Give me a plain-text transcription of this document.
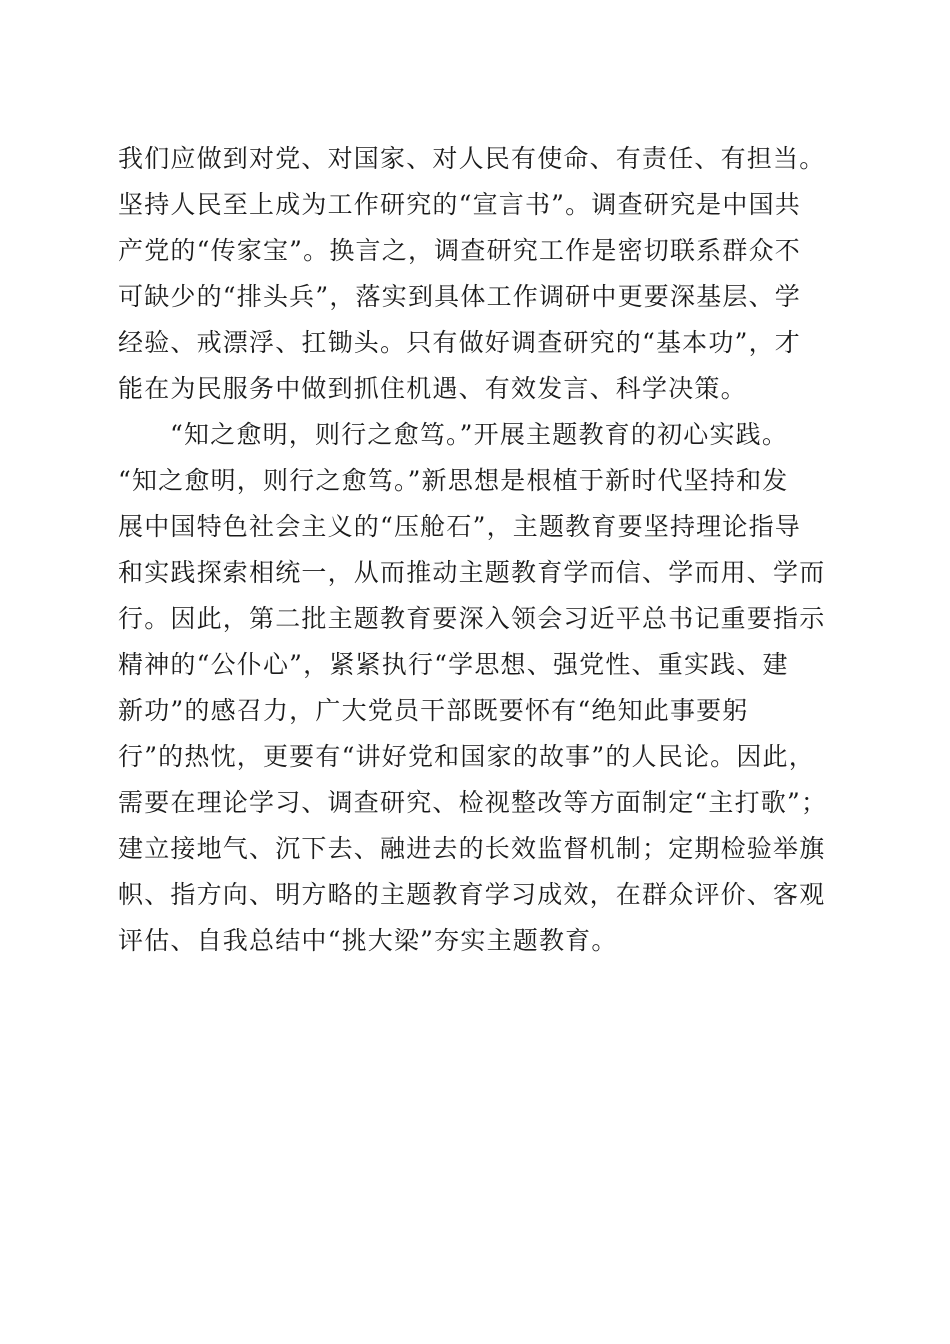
我们应做到对党、对国家、对人民有使命、有责任、有担当。
坚持人民至上成为工作研究的“宣言书”。调查研究是中国共
产党的“传家宝”。换言之，调查研究工作是密切联系群众不
可缺少的“排头兵”，落实到具体工作调研中更要深基层、学
经验、戒漂浮、扛锄头。只有做好调查研究的“基本功”，才
能在为民服务中做到抓住机遇、有效发言、科学决策。
“知之愈明，则行之愈笃。”开展主题教育的初心实践。
“知之愈明，则行之愈笃。”新思想是根植于新时代坚持和发
展中国特色社会主义的“压舱石”，主题教育要坚持理论指导
和实践探索相统一，从而推动主题教育学而信、学而用、学而
行。因此，第二批主题教育要深入领会习近平总书记重要指示
精神的“公仆心”，紧紧执行“学思想、强党性、重实践、建
新功”的感召力，广大党员干部既要怀有“绝知此事要躬
行”的热忱，更要有“讲好党和国家的故事”的人民论。因此，
需要在理论学习、调查研究、检视整改等方面制定“主打歌”；
建立接地气、沉下去、融进去的长效监督机制；定期检验举旗
帜、指方向、明方略的主题教育学习成效，在群众评价、客观
评估、自我总结中“挑大梁”夯实主题教育。
